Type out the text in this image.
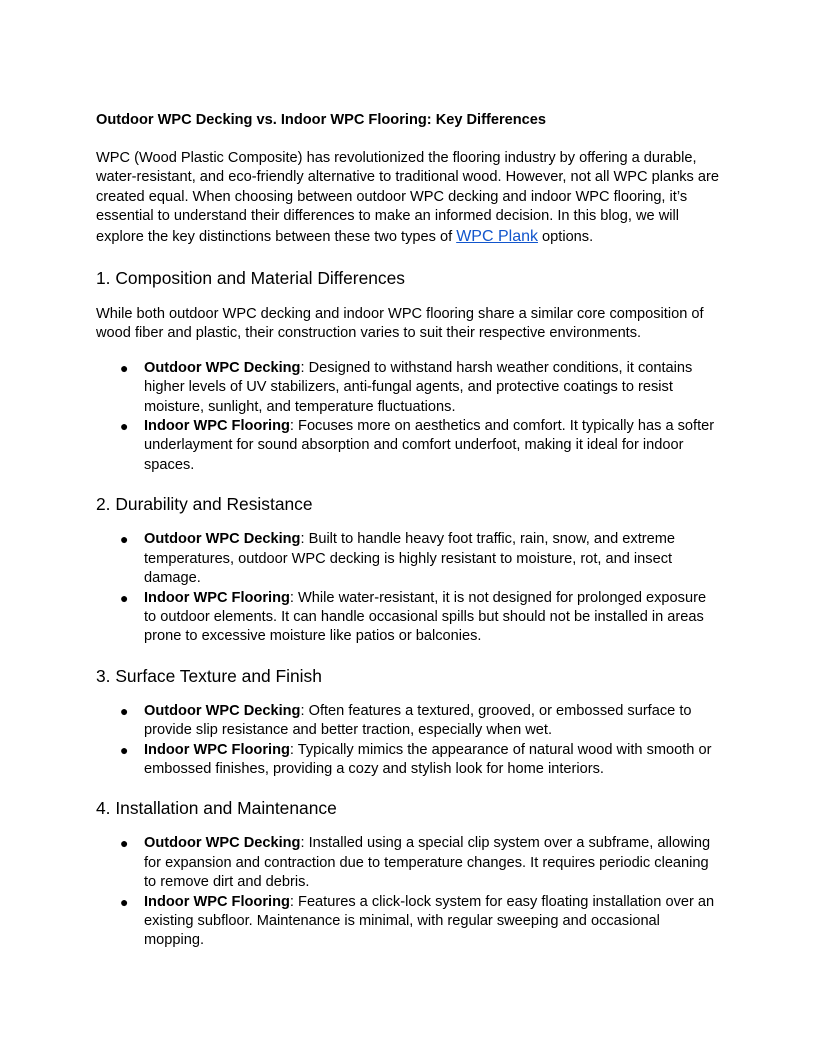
Outdoor WPC Decking vs. Indoor WPC Flooring: Key Differences

WPC (Wood Plastic Composite) has revolutionized the flooring industry by offering a durable, water-resistant, and eco-friendly alternative to traditional wood. However, not all WPC planks are created equal. When choosing between outdoor WPC decking and indoor WPC flooring, it’s essential to understand their differences to make an informed decision. In this blog, we will explore the key distinctions between these two types of WPC Plank options.

1. Composition and Material Differences

While both outdoor WPC decking and indoor WPC flooring share a similar core composition of wood fiber and plastic, their construction varies to suit their respective environments.

● Outdoor WPC Decking: Designed to withstand harsh weather conditions, it contains higher levels of UV stabilizers, anti-fungal agents, and protective coatings to resist moisture, sunlight, and temperature fluctuations.
● Indoor WPC Flooring: Focuses more on aesthetics and comfort. It typically has a softer underlayment for sound absorption and comfort underfoot, making it ideal for indoor spaces.
2. Durability and Resistance
● Outdoor WPC Decking: Built to handle heavy foot traffic, rain, snow, and extreme temperatures, outdoor WPC decking is highly resistant to moisture, rot, and insect damage.
● Indoor WPC Flooring: While water-resistant, it is not designed for prolonged exposure to outdoor elements. It can handle occasional spills but should not be installed in areas prone to excessive moisture like patios or balconies.
3. Surface Texture and Finish
● Outdoor WPC Decking: Often features a textured, grooved, or embossed surface to provide slip resistance and better traction, especially when wet.
● Indoor WPC Flooring: Typically mimics the appearance of natural wood with smooth or embossed finishes, providing a cozy and stylish look for home interiors.
4. Installation and Maintenance
● Outdoor WPC Decking: Installed using a special clip system over a subframe, allowing for expansion and contraction due to temperature changes. It requires periodic cleaning to remove dirt and debris.
● Indoor WPC Flooring: Features a click-lock system for easy floating installation over an existing subfloor. Maintenance is minimal, with regular sweeping and occasional mopping.
